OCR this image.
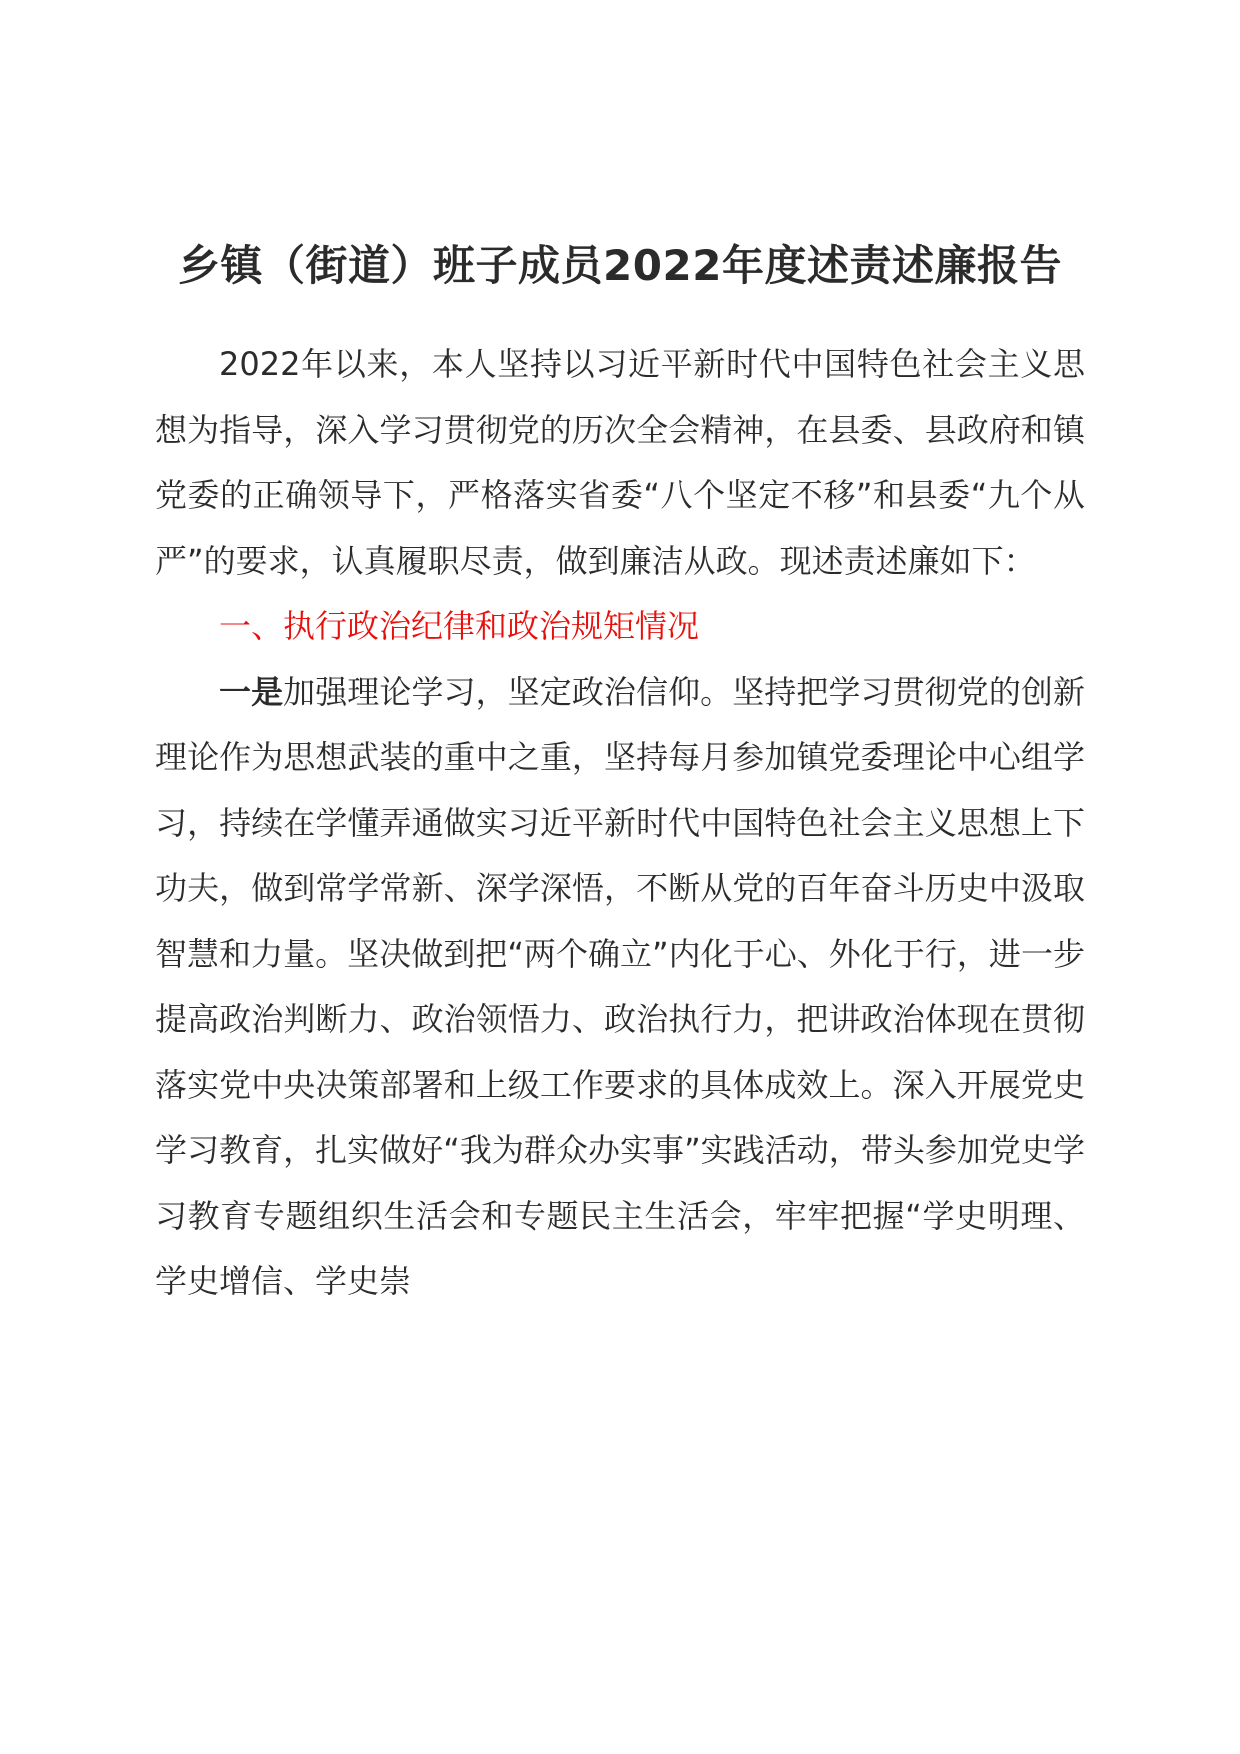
乡镇（街道）班子成员2022年度述责述廉报告

2022年以来，本人坚持以习近平新时代中国特色社会主义思想为指导，深入学习贯彻党的历次全会精神，在县委、县政府和镇党委的正确领导下，严格落实省委“八个坚定不移”和县委“九个从严”的要求，认真履职尽责，做到廉洁从政。现述责述廉如下：

一、执行政治纪律和政治规矩情况

一是加强理论学习，坚定政治信仰。坚持把学习贯彻党的创新理论作为思想武装的重中之重，坚持每月参加镇党委理论中心组学习，持续在学懂弄通做实习近平新时代中国特色社会主义思想上下功夫，做到常学常新、深学深悟，不断从党的百年奋斗历史中汲取智慧和力量。坚决做到把“两个确立”内化于心、外化于行，进一步提高政治判断力、政治领悟力、政治执行力，把讲政治体现在贯彻落实党中央决策部署和上级工作要求的具体成效上。深入开展党史学习教育，扎实做好“我为群众办实事”实践活动，带头参加党史学习教育专题组织生活会和专题民主生活会，牢牢把握“学史明理、学史增信、学史崇
